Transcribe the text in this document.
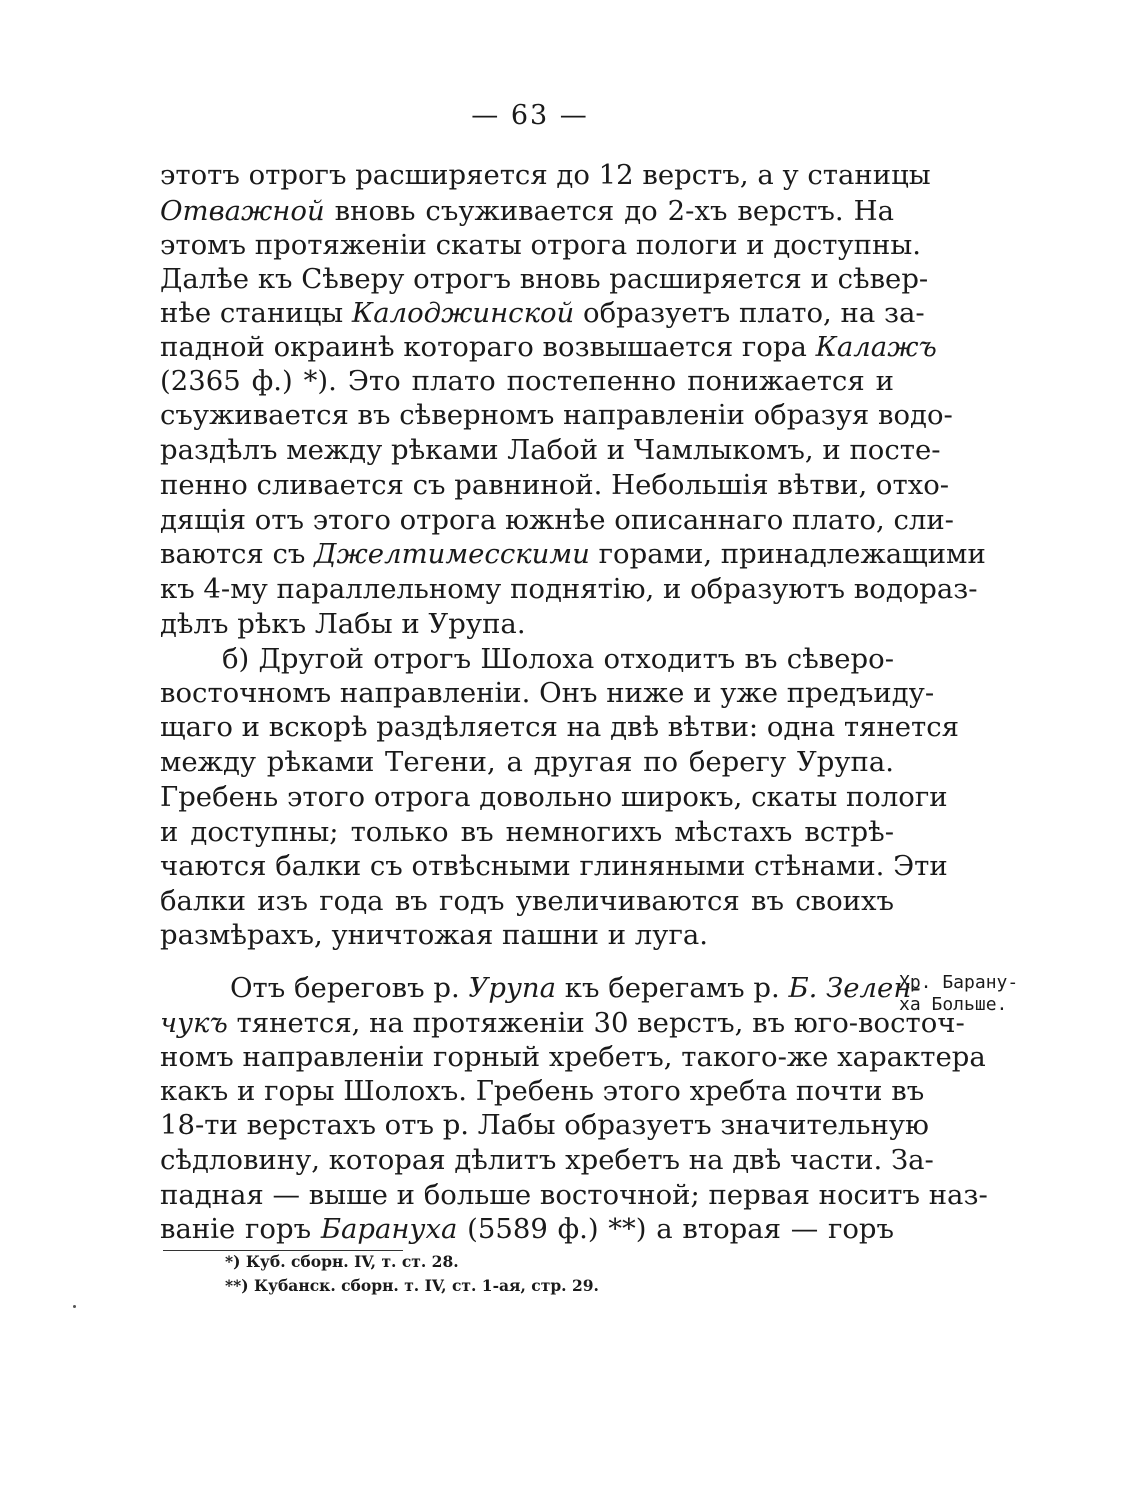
— 63 —
этотъ отрогъ расширяется до 12 верстъ, а у станицы
Отважной вновь съуживается до 2-хъ верстъ. На
этомъ протяженіи скаты отрога пологи и доступны.
Далѣе къ Сѣверу отрогъ вновь расширяется и сѣвер-
нѣе станицы Калоджинской образуетъ плато, на за-
падной окраинѣ котораго возвышается гора Калажъ
(2365 ф.) *). Это плато постепенно понижается и
съуживается въ сѣверномъ направленіи образуя водо-
раздѣлъ между рѣками Лабой и Чамлыкомъ, и посте-
пенно сливается съ равниной. Небольшія вѣтви, отхо-
дящія отъ этого отрога южнѣе описаннаго плато, сли-
ваются съ Джелтимесскими горами, принадлежащими
къ 4-му параллельному поднятію, и образуютъ водораз-
дѣлъ рѣкъ Лабы и Урупа.
б) Другой отрогъ Шолоха отходитъ въ сѣверо-
восточномъ направленіи. Онъ ниже и уже предъиду-
щаго и вскорѣ раздѣляется на двѣ вѣтви: одна тянется
между рѣками Тегени, а другая по берегу Урупа.
Гребень этого отрога довольно широкъ, скаты пологи
и доступны; только въ немногихъ мѣстахъ встрѣ-
чаются балки съ отвѣсными глиняными стѣнами. Эти
балки изъ года въ годъ увеличиваются въ своихъ
размѣрахъ, уничтожая пашни и луга.
Отъ береговъ р. Урупа къ берегамъ р. Б. Зелен-
чукъ тянется, на протяженіи 30 верстъ, въ юго-восточ-
номъ направленіи горный хребетъ, такого-же характера
какъ и горы Шолохъ. Гребень этого хребта почти въ
18-ти верстахъ отъ р. Лабы образуетъ значительную
сѣдловину, которая дѣлитъ хребетъ на двѣ части. За-
падная — выше и больше восточной; первая носитъ наз-
ваніе горъ Барануха (5589 ф.) **) а вторая — горъ
Хр. Барану-
ха Больше.
*) Куб. сборн. IV, т. ст. 28.
**) Кубанск. сборн. т. IV, ст. 1-ая, стр. 29.
